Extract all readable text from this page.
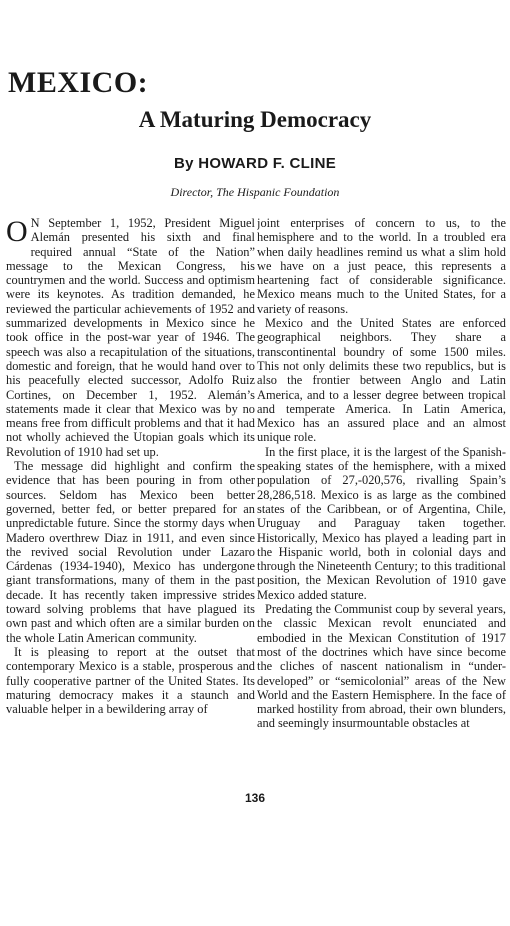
MEXICO:
A Maturing Democracy
By HOWARD F. CLINE
Director, The Hispanic Foundation

O N September 1, 1952, President Miguel Alemán presented his sixth and final required annual “State of the Nation” message to the Mexican Congress, his countrymen and the world. Success and optimism were its keynotes. As tradition demanded, he reviewed the particular achievements of 1952 and summarized developments in Mexico since he took office in the post-war year of 1946. The speech was also a recapitulation of the situations, domestic and foreign, that he would hand over to his peacefully elected successor, Adolfo Ruiz Cortines, on December 1, 1952. Alemán’s statements made it clear that Mexico was by no means free from difficult problems and that it had not wholly achieved the Utopian goals which its Revolution of 1910 had set up.

The message did highlight and confirm the evidence that has been pouring in from other sources. Seldom has Mexico been better governed, better fed, or better prepared for an unpredictable future. Since the stormy days when Madero overthrew Diaz in 1911, and even since the revived social Revolution under Lazaro Cárdenas (1934-1940), Mexico has undergone giant transformations, many of them in the past decade. It has recently taken impressive strides toward solving problems that have plagued its own past and which often are a similar burden on the whole Latin American community.

It is pleasing to report at the outset that contemporary Mexico is a stable, prosperous and fully cooperative partner of the United States. Its maturing democracy makes it a staunch and valuable helper in a bewildering array of

joint enterprises of concern to us, to the hemisphere and to the world. In a troubled era when daily headlines remind us what a slim hold we have on a just peace, this represents a heartening fact of considerable significance. Mexico means much to the United States, for a variety of reasons.

Mexico and the United States are enforced geographical neighbors. They share a transcontinental boundry of some 1500 miles. This not only delimits these two republics, but is also the frontier between Anglo and Latin America, and to a lesser degree between tropical and temperate America. In Latin America, Mexico has an assured place and an almost unique role.

In the first place, it is the largest of the Spanish-speaking states of the hemisphere, with a mixed population of 27,-020,576, rivalling Spain’s 28,286,518. Mexico is as large as the combined states of the Caribbean, or of Argentina, Chile, Uruguay and Paraguay taken together. Historically, Mexico has played a leading part in the Hispanic world, both in colonial days and through the Nineteenth Century; to this traditional position, the Mexican Revolution of 1910 gave Mexico added stature.

Predating the Communist coup by several years, the classic Mexican revolt enunciated and embodied in the Mexican Constitution of 1917 most of the doctrines which have since become the cliches of nascent nationalism in “under-developed” or “semicolonial” areas of the New World and the Eastern Hemisphere. In the face of marked hostility from abroad, their own blunders, and seemingly insurmountable obstacles at

136
